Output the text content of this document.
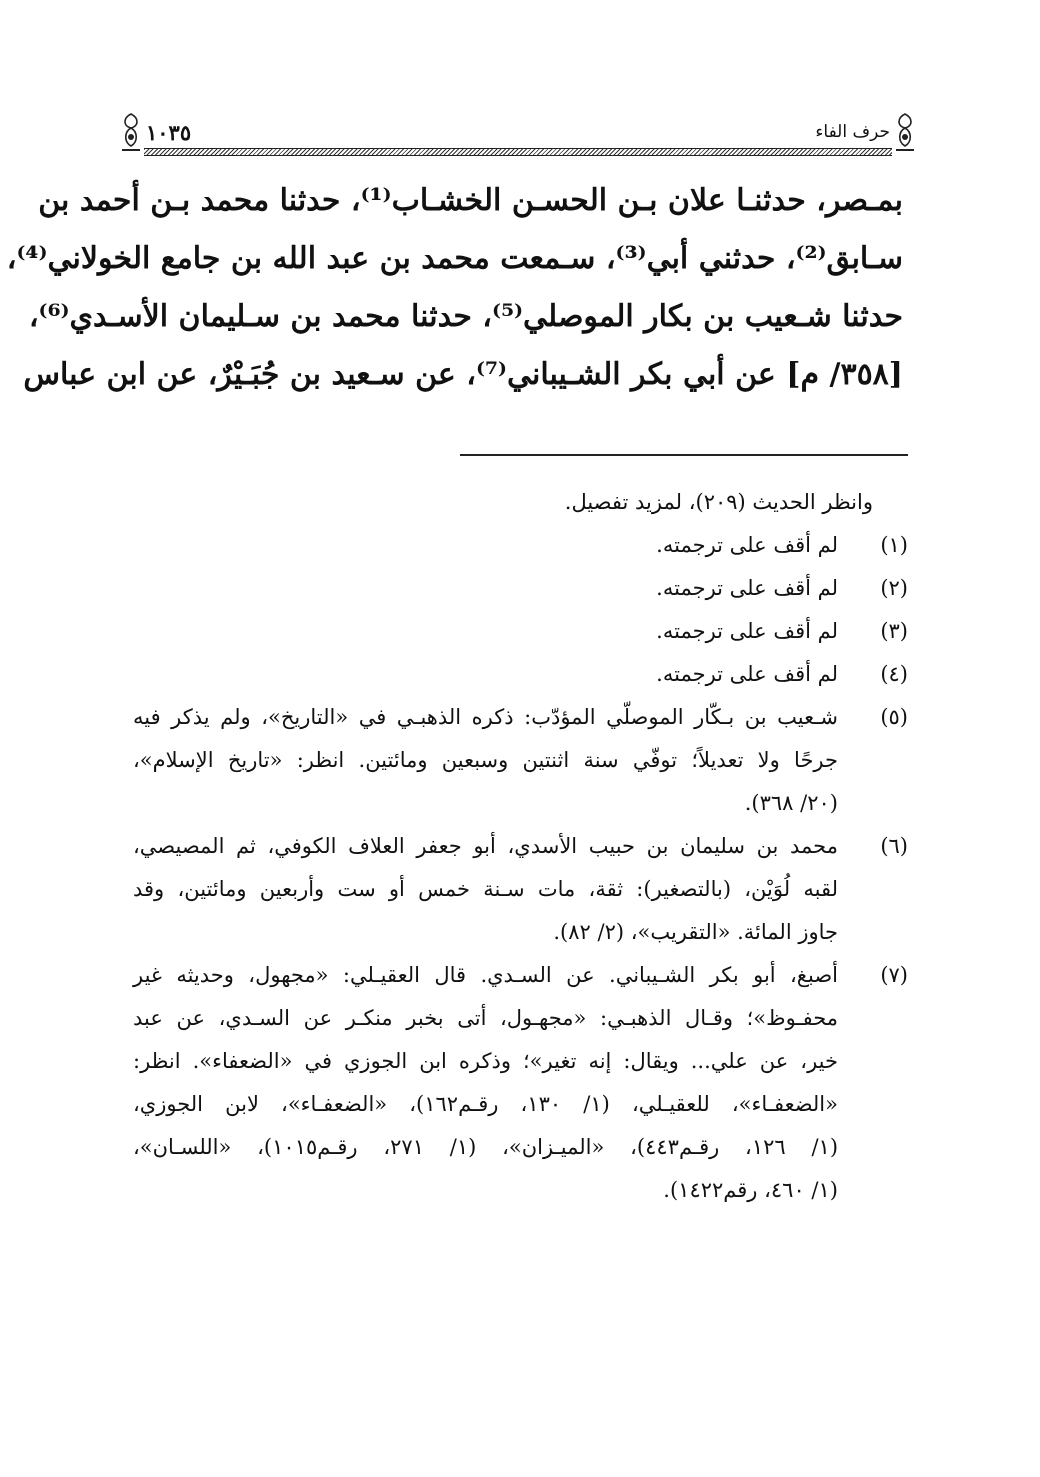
حرف الفاء
١٠٣٥
بمـصر، حدثنـا علان بـن الحسـن الخشـاب⁽¹⁾، حدثنا محمد بـن أحمد بن
سـابق⁽²⁾، حدثني أبي⁽³⁾، سـمعت محمد بن عبد الله بن جامع الخولاني⁽⁴⁾،
حدثنا شـعيب بن بكار الموصلي⁽⁵⁾، حدثنا محمد بن سـليمان الأسـدي⁽⁶⁾،
[٣٥٨/ م] عن أبي بكر الشـيباني⁽⁷⁾، عن سـعيد بن جُبَـيْرٌ، عن ابن عباس
وانظر الحديث (٢٠٩)، لمزيد تفصيل.
(١)
لم أقف على ترجمته.
(٢)
لم أقف على ترجمته.
(٣)
لم أقف على ترجمته.
(٤)
لم أقف على ترجمته.
(٥)
شـعيب بن بـكّار الموصلّي المؤدّب: ذكره الذهبـي في «التاريخ»، ولم يذكر فيه
جرحًا ولا تعديلاً؛ توفّي سنة اثنتين وسبعين ومائتين. انظر: «تاريخ الإسلام»،
(٢٠/ ٣٦٨).
(٦)
محمد بن سليمان بن حبيب الأسدي، أبو جعفر العلاف الكوفي، ثم المصيصي،
لقبه لُوَيْن، (بالتصغير): ثقة، مات سـنة خمس أو ست وأربعين ومائتين، وقد
جاوز المائة. «التقريب»، (٢/ ٨٢).
(٧)
أصبغ، أبو بكر الشـيباني. عن السـدي. قال العقيـلي: «مجهول، وحديثه غير
محفـوظ»؛ وقـال الذهبـي: «مجهـول، أتى بخبر منكـر عن السـدي، عن عبد
خير، عن علي... ويقال: إنه تغير»؛ وذكره ابن الجوزي في «الضعفاء». انظر:
«الضعفـاء»، للعقيـلي، (١/ ١٣٠، رقـم١٦٢)، «الضعفـاء»، لابن الجوزي،
(١/ ١٢٦، رقـم٤٤٣)، «الميـزان»، (١/ ٢٧١، رقـم١٠١٥)، «اللسـان»،
(١/ ٤٦٠، رقم١٤٢٢).
